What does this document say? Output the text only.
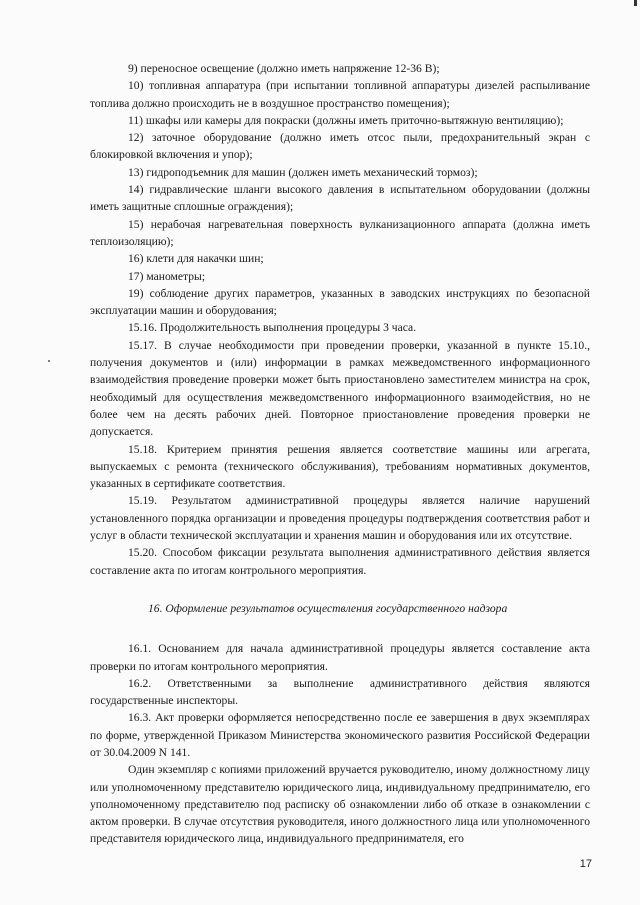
9) переносное освещение (должно иметь напряжение 12-36 В);

10) топливная аппаратура (при испытании топливной аппаратуры дизелей распыливание топлива должно происходить не в воздушное пространство помещения);

11) шкафы или камеры для покраски (должны иметь приточно-вытяжную вентиляцию);

12) заточное оборудование (должно иметь отсос пыли, предохранительный экран с блокировкой включения и упор);

13) гидроподъемник для машин (должен иметь механический тормоз);

14) гидравлические шланги высокого давления в испытательном оборудовании (должны иметь защитные сплошные ограждения);

15) нерабочая нагревательная поверхность вулканизационного аппарата (должна иметь теплоизоляцию);

16) клети для накачки шин;

17) манометры;

19) соблюдение других параметров, указанных в заводских инструкциях по безопасной эксплуатации машин и оборудования;

15.16. Продолжительность выполнения процедуры 3 часа.

15.17. В случае необходимости при проведении проверки, указанной в пункте 15.10., получения документов и (или) информации в рамках межведомственного информационного взаимодействия проведение проверки может быть приостановлено заместителем министра на срок, необходимый для осуществления межведомственного информационного взаимодействия, но не более чем на десять рабочих дней. Повторное приостановление проведения проверки не допускается.

15.18. Критерием принятия решения является соответствие машины или агрегата, выпускаемых с ремонта (технического обслуживания), требованиям нормативных документов, указанных в сертификате соответствия.

15.19. Результатом административной процедуры является наличие нарушений установленного порядка организации и проведения процедуры подтверждения соответствия работ и услуг в области технической эксплуатации и хранения машин и оборудования или их отсутствие.

15.20. Способом фиксации результата выполнения административного действия является составление акта по итогам контрольного мероприятия.

16. Оформление результатов осуществления государственного надзора

16.1. Основанием для начала административной процедуры является составление акта проверки по итогам контрольного мероприятия.

16.2. Ответственными за выполнение административного действия являются государственные инспекторы.

16.3. Акт проверки оформляется непосредственно после ее завершения в двух экземплярах по форме, утвержденной Приказом Министерства экономического развития Российской Федерации от 30.04.2009 N 141.

Один экземпляр с копиями приложений вручается руководителю, иному должностному лицу или уполномоченному представителю юридического лица, индивидуальному предпринимателю, его уполномоченному представителю под расписку об ознакомлении либо об отказе в ознакомлении с актом проверки. В случае отсутствия руководителя, иного должностного лица или уполномоченного представителя юридического лица, индивидуального предпринимателя, его

17
